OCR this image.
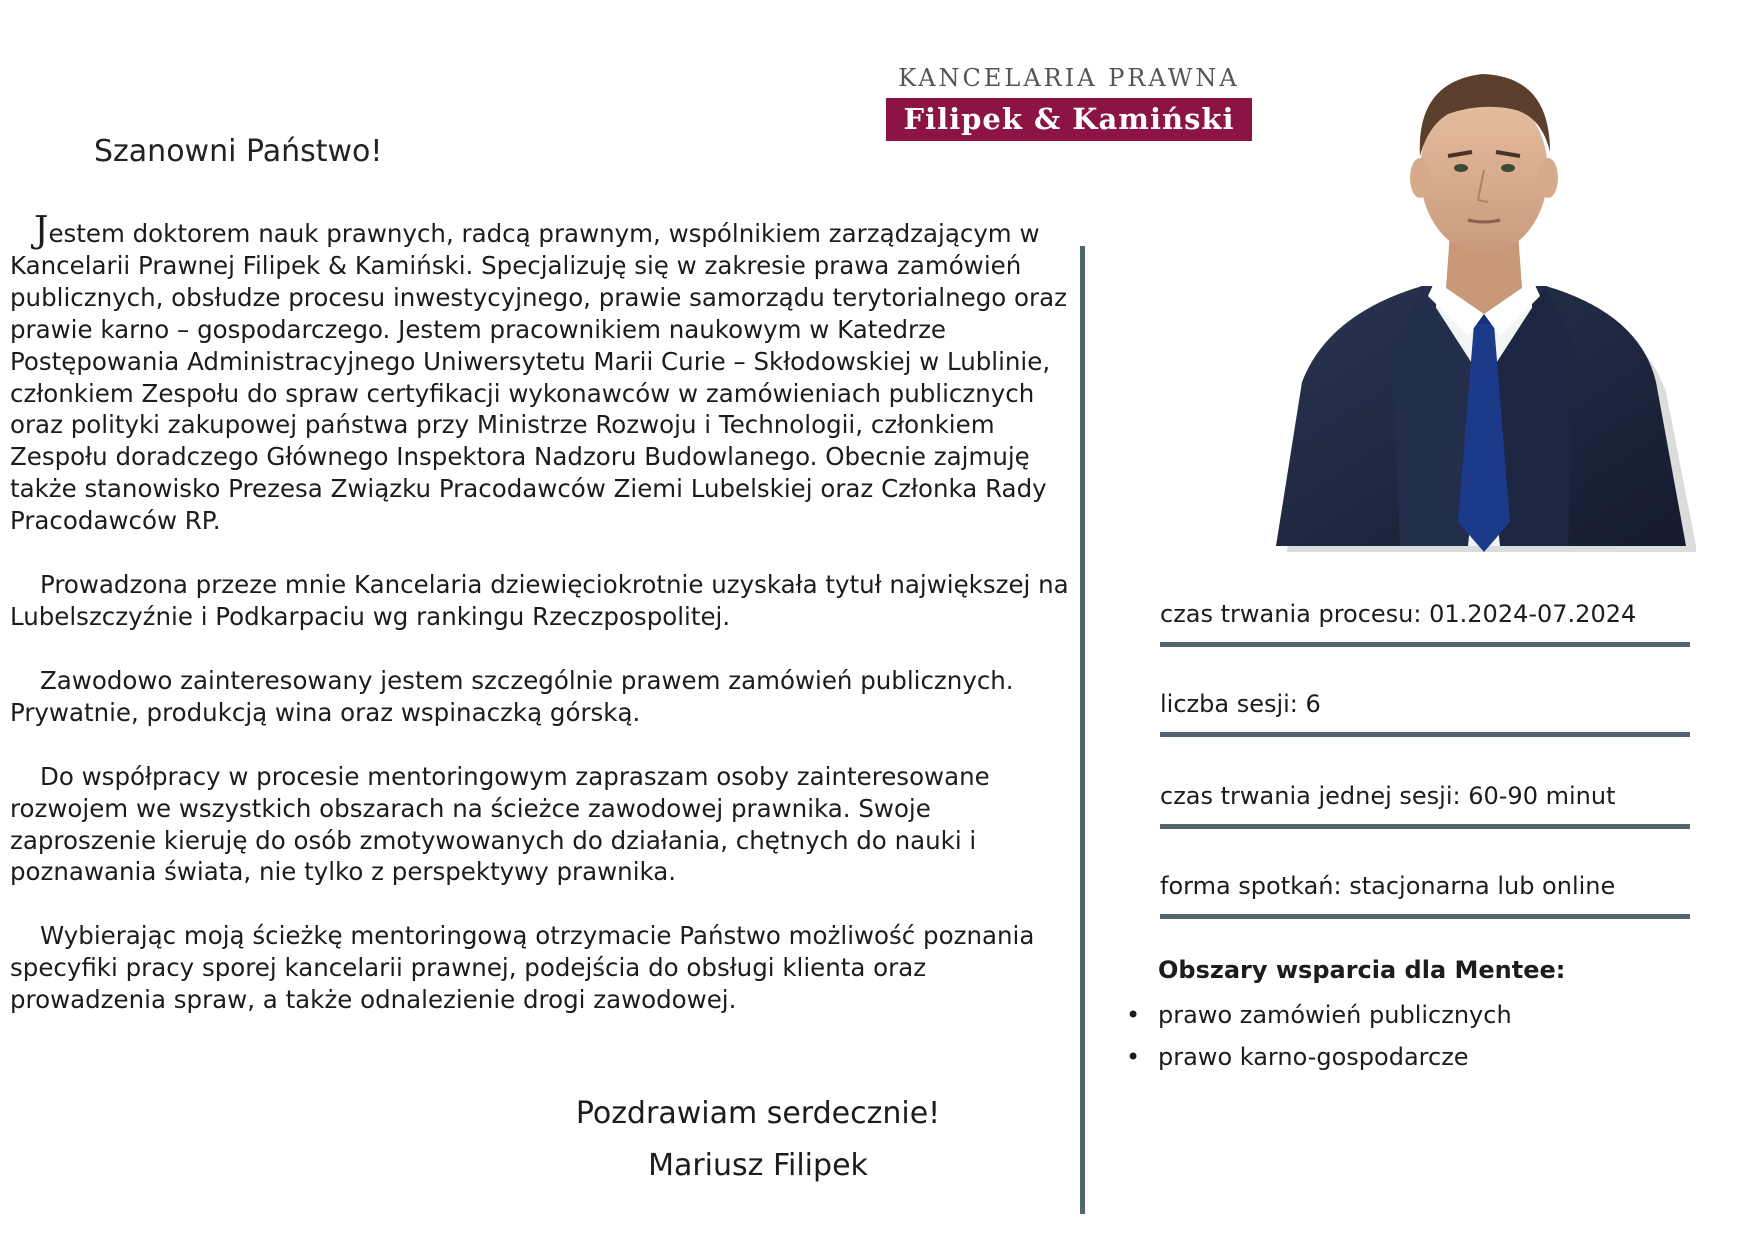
KANCELARIA PRAWNA
Filipek & Kamiński
Szanowni Państwo!

Jestem doktorem nauk prawnych, radcą prawnym, wspólnikiem zarządzającym w Kancelarii Prawnej Filipek & Kamiński. Specjalizuję się w zakresie prawa zamówień publicznych, obsłudze procesu inwestycyjnego, prawie samorządu terytorialnego oraz prawie karno – gospodarczego. Jestem pracownikiem naukowym w Katedrze Postępowania Administracyjnego Uniwersytetu Marii Curie – Skłodowskiej w Lublinie, członkiem Zespołu do spraw certyfikacji wykonawców w zamówieniach publicznych oraz polityki zakupowej państwa przy Ministrze Rozwoju i Technologii, członkiem Zespołu doradczego Głównego Inspektora Nadzoru Budowlanego. Obecnie zajmuję także stanowisko Prezesa Związku Pracodawców Ziemi Lubelskiej oraz Członka Rady Pracodawców RP.

Prowadzona przeze mnie Kancelaria dziewięciokrotnie uzyskała tytuł największej na Lubelszczyźnie i Podkarpaciu wg rankingu Rzeczpospolitej.

Zawodowo zainteresowany jestem szczególnie prawem zamówień publicznych. Prywatnie, produkcją wina oraz wspinaczką górską.

Do współpracy w procesie mentoringowym zapraszam osoby zainteresowane rozwojem we wszystkich obszarach na ścieżce zawodowej prawnika. Swoje zaproszenie kieruję do osób zmotywowanych do działania, chętnych do nauki i poznawania świata, nie tylko z perspektywy prawnika.

Wybierając moją ścieżkę mentoringową otrzymacie Państwo możliwość poznania specyfiki pracy sporej kancelarii prawnej, podejścia do obsługi klienta oraz prowadzenia spraw, a także odnalezienie drogi zawodowej.

Pozdrawiam serdecznie!
Mariusz Filipek
czas trwania procesu: 01.2024-07.2024
liczba sesji: 6
czas trwania jednej sesji: 60-90 minut
forma spotkań: stacjonarna lub online
Obszary wsparcia dla Mentee:
• prawo zamówień publicznych
• prawo karno-gospodarcze
